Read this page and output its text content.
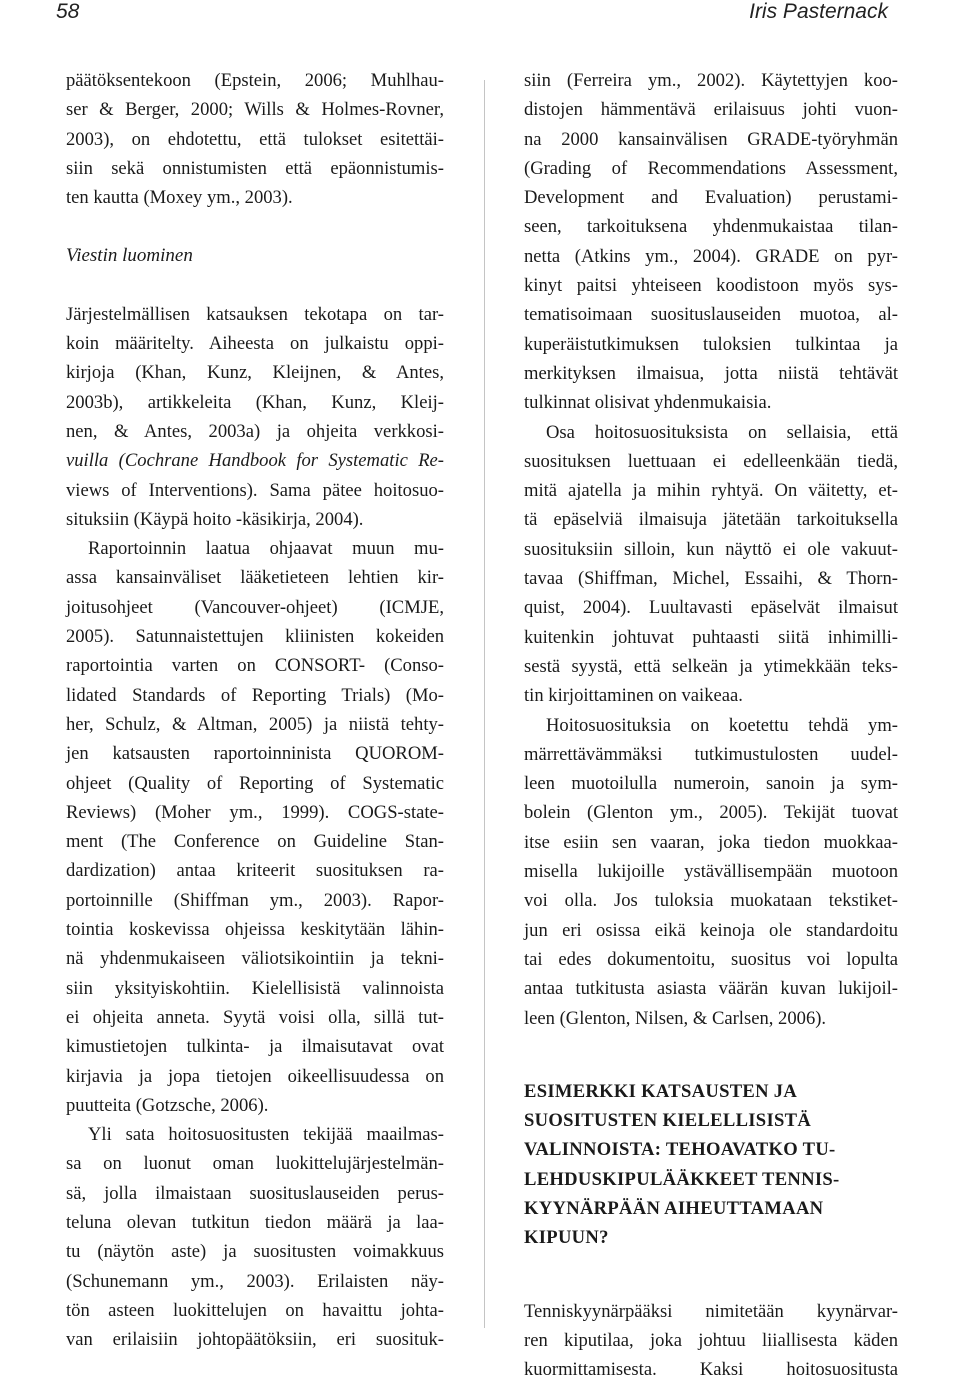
58	Iris Pasternack
päätöksentekoon (Epstein, 2006; Muhlhau-
ser & Berger, 2000; Wills & Holmes-Rovner,
2003), on ehdotettu, että tulokset esitettäi-
siin sekä onnistumisten että epäonnistumis-
ten kautta (Moxey ym., 2003).
Viestin luominen
Järjestelmällisen katsauksen tekotapa on tar-
koin määritelty. Aiheesta on julkaistu oppi-
kirjoja (Khan, Kunz, Kleijnen, & Antes,
2003b), artikkeleita (Khan, Kunz, Kleij-
nen, & Antes, 2003a) ja ohjeita verkkosi-
vuilla (Cochrane Handbook for Systematic Re-
views of Interventions). Sama pätee hoitosuo-
situksiin (Käypä hoito -käsikirja, 2004).
Raportoinnin laatua ohjaavat muun mu-
assa kansainväliset lääketieteen lehtien kir-
joitusohjeet (Vancouver-ohjeet) (ICMJE,
2005). Satunnaistettujen kliinisten kokeiden
raportointia varten on CONSORT- (Conso-
lidated Standards of Reporting Trials) (Mo-
her, Schulz, & Altman, 2005) ja niistä tehty-
jen katsausten raportoinninista QUOROM-
ohjeet (Quality of Reporting of Systematic
Reviews) (Moher ym., 1999). COGS-state-
ment (The Conference on Guideline Stan-
dardization) antaa kriteerit suosituksen ra-
portoinnille (Shiffman ym., 2003). Rapor-
tointia koskevissa ohjeissa keskitytään lähin-
nä yhdenmukaiseen väliotsikointiin ja tekni-
siin yksityiskohtiin. Kielellisistä valinnoista
ei ohjeita anneta. Syytä voisi olla, sillä tut-
kimustietojen tulkinta- ja ilmaisutavat ovat
kirjavia ja jopa tietojen oikeellisuudessa on
puutteita (Gotzsche, 2006).
Yli sata hoitosuositusten tekijää maailmas-
sa on luonut oman luokittelujärjestelmän-
sä, jolla ilmaistaan suosituslauseiden perus-
teluna olevan tutkitun tiedon määrä ja laa-
tu (näytön aste) ja suositusten voimakkuus
(Schunemann ym., 2003). Erilaisten näy-
tön asteen luokittelujen on havaittu johta-
van erilaisiin johtopäätöksiin, eri suosituk-
siin (Ferreira ym., 2002). Käytettyjen koo-
distojen hämmentävä erilaisuus johti vuon-
na 2000 kansainvälisen GRADE-työryhmän
(Grading of Recommendations Assessment,
Development and Evaluation) perustami-
seen, tarkoituksena yhdenmukaistaa tilan-
netta (Atkins ym., 2004). GRADE on pyr-
kinyt paitsi yhteiseen koodistoon myös sys-
tematisoimaan suosituslauseiden muotoa, al-
kuperäistutkimuksen tuloksien tulkintaa ja
merkityksen ilmaisua, jotta niistä tehtävät
tulkinnat olisivat yhdenmukaisia.
Osa hoitosuosituksista on sellaisia, että
suosituksen luettuaan ei edelleenkään tiedä,
mitä ajatella ja mihin ryhtyä. On väitetty, et-
tä epäselviä ilmaisuja jätetään tarkoituksella
suosituksiin silloin, kun näyttö ei ole vakuut-
tavaa (Shiffman, Michel, Essaihi, & Thorn-
quist, 2004). Luultavasti epäselvät ilmaisut
kuitenkin johtuvat puhtaasti siitä inhimilli-
sestä syystä, että selkeän ja ytimekkään teks-
tin kirjoittaminen on vaikeaa.
Hoitosuosituksia on koetettu tehdä ym-
märrettävämmäksi tutkimustulosten uudel-
leen muotoilulla numeroin, sanoin ja sym-
bolein (Glenton ym., 2005). Tekijät tuovat
itse esiin sen vaaran, joka tiedon muokkaa-
misella lukijoille ystävällisempään muotoon
voi olla. Jos tuloksia muokataan tekstiket-
jun eri osissa eikä keinoja ole standardoitu
tai edes dokumentoitu, suositus voi lopulta
antaa tutkitusta asiasta väärän kuvan lukijoil-
leen (Glenton, Nilsen, & Carlsen, 2006).
ESIMERKKI KATSAUSTEN JA
SUOSITUSTEN KIELELLISISTÄ
VALINNOISTA: TEHOAVATKO TU-
LEHDUSKIPULÄÄKKEET TENNIS-
KYYNÄRPÄÄN AIHEUTTAMAAN
KIPUUN?
Tenniskyynärpääksi nimitetään kyynärvar-
ren kiputilaa, joka johtuu liiallisesta käden
kuormittamisesta. Kaksi hoitosuositusta
